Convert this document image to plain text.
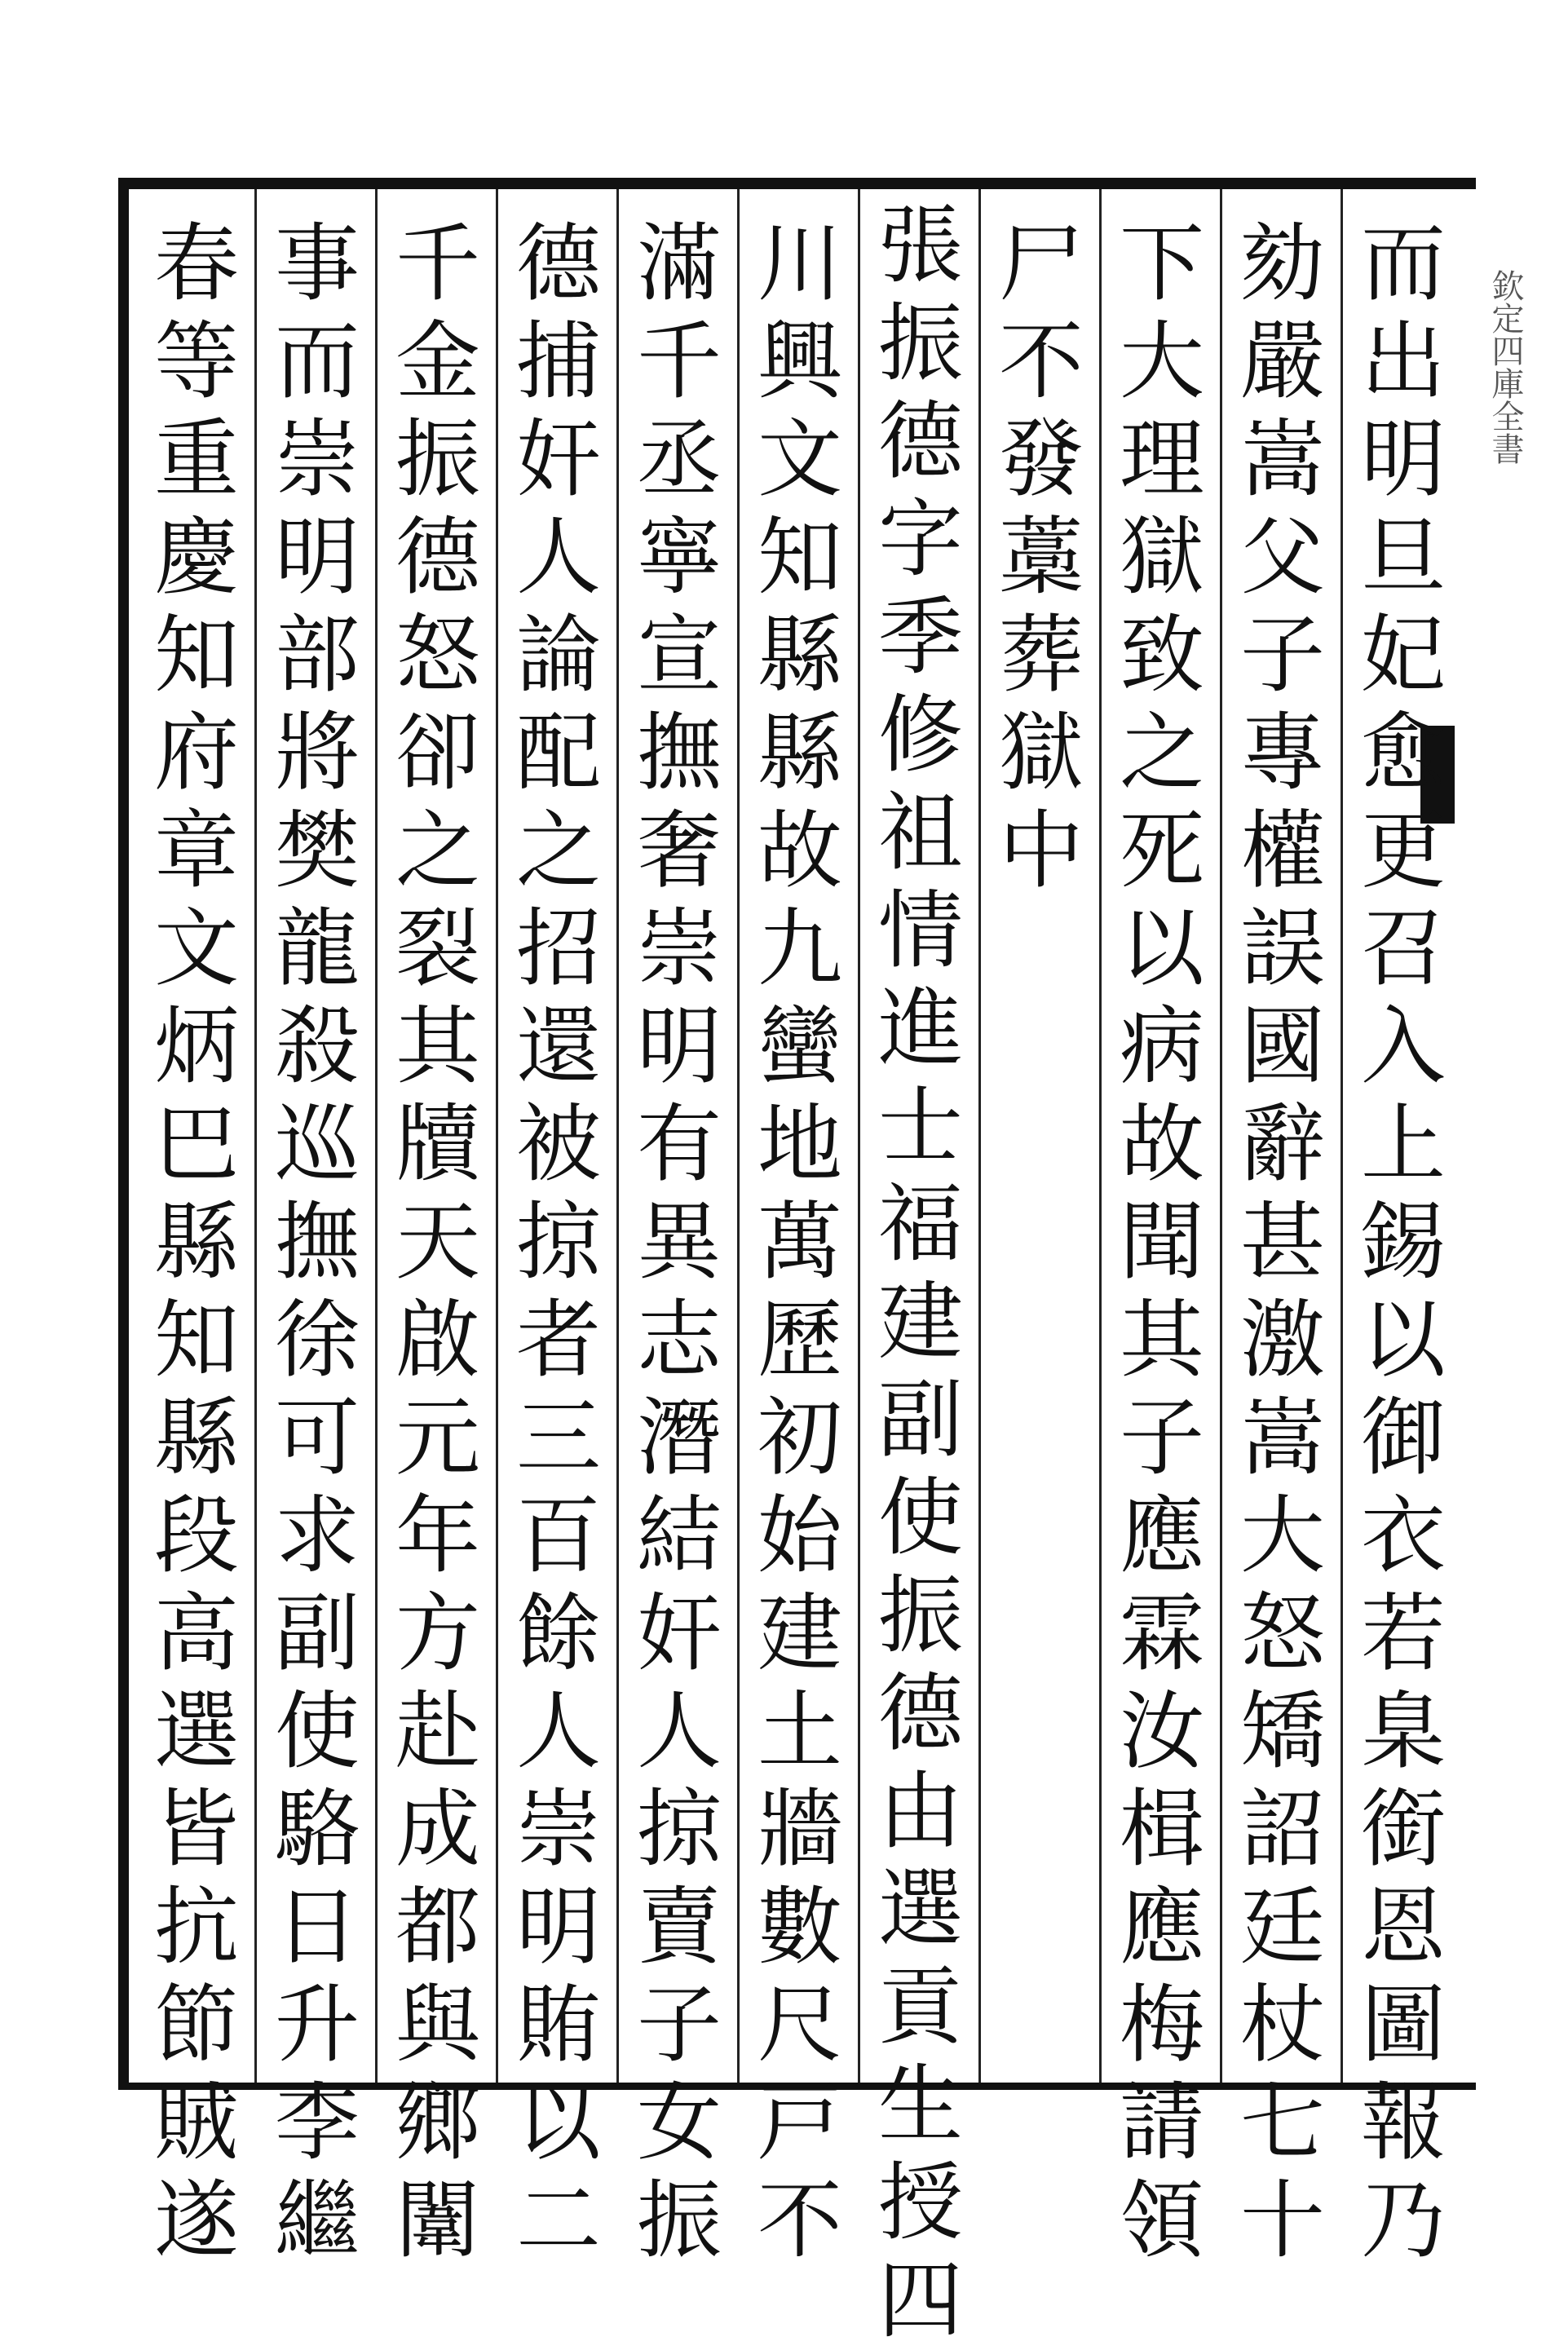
欽定四庫全書
而
出
明
旦
妃
愈
更
召
入
上
錫
以
御
衣
若
臬
銜
恩
圖
報
乃
劾
嚴
嵩
父
子
專
權
誤
國
辭
甚
激
嵩
大
怒
矯
詔
廷
杖
七
十
下
大
理
獄
致
之
死
以
病
故
聞
其
子
應
霖
汝
楫
應
梅
請
領
尸
不
發
藁
葬
獄
中
張
振
德
字
季
修
祖
情
進
士
福
建
副
使
振
德
由
選
貢
生
授
四
川
興
文
知
縣
縣
故
九
蠻
地
萬
歷
初
始
建
土
牆
數
尺
戸
不
滿
千
丞
寧
宣
撫
奢
崇
明
有
異
志
潛
結
奸
人
掠
賣
子
女
振
德
捕
奸
人
論
配
之
招
還
被
掠
者
三
百
餘
人
崇
明
賄
以
二
千
金
振
德
怒
卻
之
裂
其
牘
天
啟
元
年
方
赴
成
都
與
鄉
闈
事
而
崇
明
部
將
樊
龍
殺
巡
撫
徐
可
求
副
使
駱
日
升
李
繼
春
等
重
慶
知
府
章
文
炳
巴
縣
知
縣
段
高
選
皆
抗
節
賊
遂
